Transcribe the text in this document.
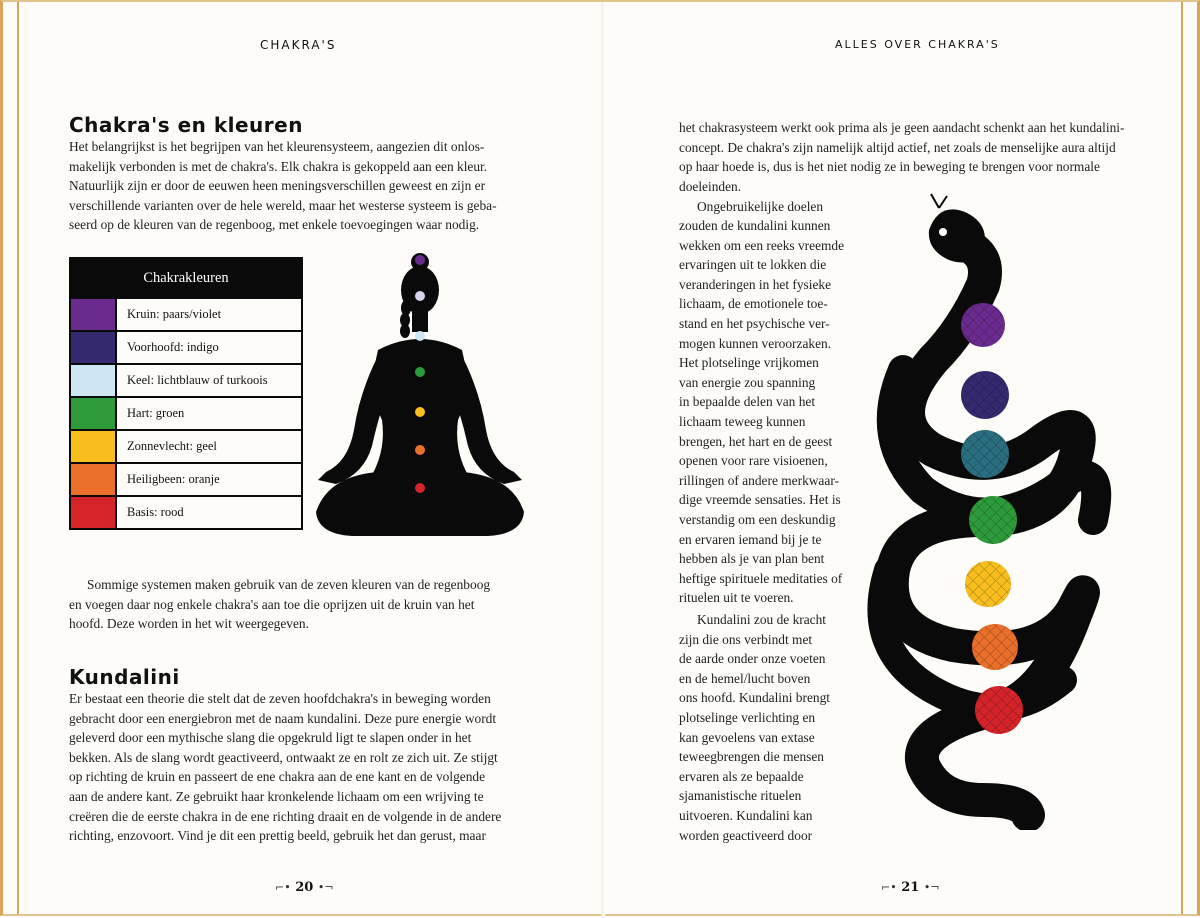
CHAKRA'S	ALLES OVER CHAKRA'S
Chakra's en kleuren
Het belangrijkst is het begrijpen van het kleurensysteem, aangezien dit onlos-
makelijk verbonden is met de chakra's. Elk chakra is gekoppeld aan een kleur.
Natuurlijk zijn er door de eeuwen heen meningsverschillen geweest en zijn er
verschillende varianten over de hele wereld, maar het westerse systeem is geba-
seerd op de kleuren van de regenboog, met enkele toevoegingen waar nodig.
Chakrakleuren	
	Kruin: paars/violet
	Voorhoofd: indigo
	Keel: lichtblauw of turkoois
	Hart: groen
	Zonnevlecht: geel
	Heiligbeen: oranje
	Basis: rood
Sommige systemen maken gebruik van de zeven kleuren van de regenboog
en voegen daar nog enkele chakra's aan toe die oprijzen uit de kruin van het
hoofd. Deze worden in het wit weergegeven.
Kundalini
Er bestaat een theorie die stelt dat de zeven hoofdchakra's in beweging worden
gebracht door een energiebron met de naam kundalini. Deze pure energie wordt
geleverd door een mythische slang die opgekruld ligt te slapen onder in het
bekken. Als de slang wordt geactiveerd, ontwaakt ze en rolt ze zich uit. Ze stijgt
op richting de kruin en passeert de ene chakra aan de ene kant en de volgende
aan de andere kant. Ze gebruikt haar kronkelende lichaam om een wrijving te
creëren die de eerste chakra in de ene richting draait en de volgende in de andere
richting, enzovoort. Vind je dit een prettig beeld, gebruik het dan gerust, maar
⌐• 20 •¬
het chakrasysteem werkt ook prima als je geen aandacht schenkt aan het kundalini-
concept. De chakra's zijn namelijk altijd actief, net zoals de menselijke aura altijd
op haar hoede is, dus is het niet nodig ze in beweging te brengen voor normale
doeleinden.
Ongebruikelijke doelen
zouden de kundalini kunnen
wekken om een reeks vreemde
ervaringen uit te lokken die
veranderingen in het fysieke
lichaam, de emotionele toe-
stand en het psychische ver-
mogen kunnen veroorzaken.
Het plotselinge vrijkomen
van energie zou spanning
in bepaalde delen van het
lichaam teweeg kunnen
brengen, het hart en de geest
openen voor rare visioenen,
rillingen of andere merkwaar-
dige vreemde sensaties. Het is
verstandig om een deskundig
en ervaren iemand bij je te
hebben als je van plan bent
heftige spirituele meditaties of
rituelen uit te voeren.
Kundalini zou de kracht
zijn die ons verbindt met
de aarde onder onze voeten
en de hemel/lucht boven
ons hoofd. Kundalini brengt
plotselinge verlichting en
kan gevoelens van extase
teweegbrengen die mensen
ervaren als ze bepaalde
sjamanistische rituelen
uitvoeren. Kundalini kan
worden geactiveerd door
⌐• 21 •¬
